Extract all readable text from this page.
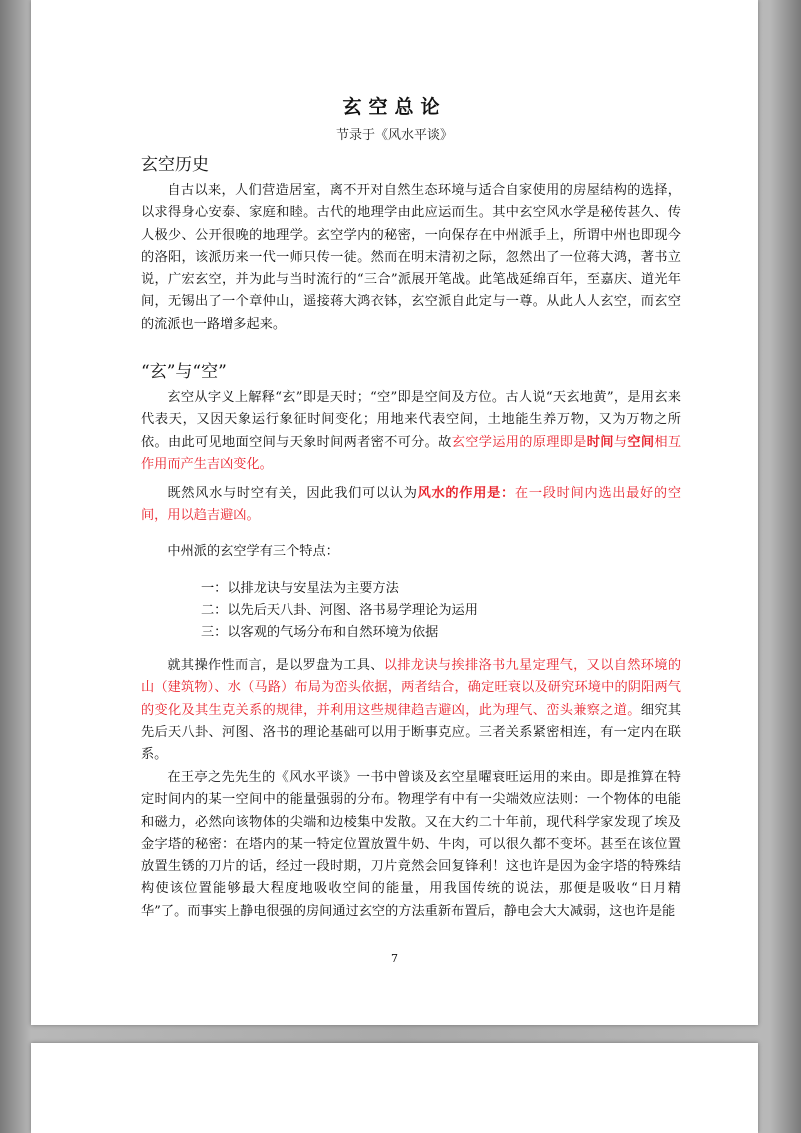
玄空总论
节录于《风水平谈》
玄空历史

自古以来，人们营造居室，离不开对自然生态环境与适合自家使用的房屋结构的选择，以求得身心安泰、家庭和睦。古代的地理学由此应运而生。其中玄空风水学是秘传甚久、传人极少、公开很晚的地理学。玄空学内的秘密，一向保存在中州派手上，所谓中州也即现今的洛阳，该派历来一代一师只传一徒。然而在明末清初之际，忽然出了一位蒋大鸿，著书立说，广宏玄空，并为此与当时流行的“三合”派展开笔战。此笔战延绵百年，至嘉庆、道光年间，无锡出了一个章仲山，遥接蒋大鸿衣钵，玄空派自此定与一尊。从此人人玄空，而玄空的流派也一路增多起来。

“玄”与“空”

玄空从字义上解释“玄”即是天时；“空”即是空间及方位。古人说“天玄地黄”，是用玄来代表天，又因天象运行象征时间变化；用地来代表空间，土地能生养万物，又为万物之所依。由此可见地面空间与天象时间两者密不可分。故玄空学运用的原理即是时间与空间相互作用而产生吉凶变化。

既然风水与时空有关，因此我们可以认为风水的作用是：在一段时间内选出最好的空间，用以趋吉避凶。

中州派的玄空学有三个特点：

一：以排龙诀与安星法为主要方法
二：以先后天八卦、河图、洛书易学理论为运用
三：以客观的气场分布和自然环境为依据

就其操作性而言，是以罗盘为工具、以排龙诀与挨排洛书九星定理气，又以自然环境的山（建筑物）、水（马路）布局为峦头依据，两者结合，确定旺衰以及研究环境中的阴阳两气的变化及其生克关系的规律，并利用这些规律趋吉避凶，此为理气、峦头兼察之道。细究其先后天八卦、河图、洛书的理论基础可以用于断事克应。三者关系紧密相连，有一定内在联系。

在王亭之先先生的《风水平谈》一书中曾谈及玄空星曜衰旺运用的来由。即是推算在特定时间内的某一空间中的能量强弱的分布。物理学有中有一尖端效应法则：一个物体的电能和磁力，必然向该物体的尖端和边棱集中发散。又在大约二十年前，现代科学家发现了埃及金字塔的秘密：在塔内的某一特定位置放置牛奶、牛肉，可以很久都不变坏。甚至在该位置放置生锈的刀片的话，经过一段时期，刀片竟然会回复锋利！这也许是因为金字塔的特殊结构使该位置能够最大程度地吸收空间的能量，用我国传统的说法，那便是吸收“日月精华”了。而事实上静电很强的房间通过玄空的方法重新布置后，静电会大大减弱，这也许是能

7
